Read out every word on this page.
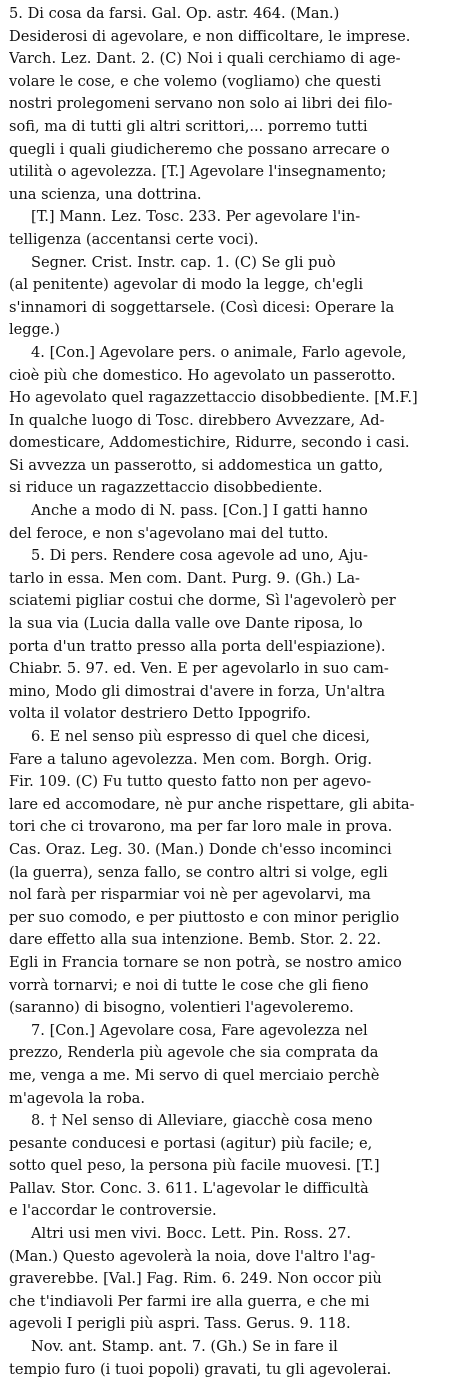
5. Di cosa da farsi. Gal. Op. astr. 464. (Man.)
Desiderosi di agevolare, e non difficoltare, le imprese.
Varch. Lez. Dant. 2. (C) Noi i quali cerchiamo di age-
volare le cose, e che volemo (vogliamo) che questi
nostri prolegomeni servano non solo ai libri dei filo-
sofi, ma di tutti gli altri scrittori,... porremo tutti
quegli i quali giudicheremo che possano arrecare o
utilità o agevolezza. [T.] Agevolare l'insegnamento;
una scienza, una dottrina.
[T.] Mann. Lez. Tosc. 233. Per agevolare l'in-
telligenza (accentansi certe voci).
Segner. Crist. Instr. cap. 1. (C) Se gli può
(al penitente) agevolar di modo la legge, ch'egli
s'innamori di soggettarsele. (Così dicesi: Operare la
legge.)
4. [Con.] Agevolare pers. o animale, Farlo agevole,
cioè più che domestico. Ho agevolato un passerotto.
Ho agevolato quel ragazzettaccio disobbediente. [M.F.]
In qualche luogo di Tosc. direbbero Avvezzare, Ad-
domesticare, Addomestichire, Ridurre, secondo i casi.
Si avvezza un passerotto, si addomestica un gatto,
si riduce un ragazzettaccio disobbediente.
Anche a modo di N. pass. [Con.] I gatti hanno
del feroce, e non s'agevolano mai del tutto.
5. Di pers. Rendere cosa agevole ad uno, Aju-
tarlo in essa. Men com. Dant. Purg. 9. (Gh.) La-
sciatemi pigliar costui che dorme, Sì l'agevolerò per
la sua via (Lucia dalla valle ove Dante riposa, lo
porta d'un tratto presso alla porta dell'espiazione).
Chiabr. 5. 97. ed. Ven. E per agevolarlo in suo cam-
mino, Modo gli dimostrai d'avere in forza, Un'altra
volta il volator destriero Detto Ippogrifo.
6. E nel senso più espresso di quel che dicesi,
Fare a taluno agevolezza. Men com. Borgh. Orig.
Fir. 109. (C) Fu tutto questo fatto non per agevo-
lare ed accomodare, nè pur anche rispettare, gli abita-
tori che ci trovarono, ma per far loro male in prova.
Cas. Oraz. Leg. 30. (Man.) Donde ch'esso incominci
(la guerra), senza fallo, se contro altri si volge, egli
nol farà per risparmiar voi nè per agevolarvi, ma
per suo comodo, e per piuttosto e con minor periglio
dare effetto alla sua intenzione. Bemb. Stor. 2. 22.
Egli in Francia tornare se non potrà, se nostro amico
vorrà tornarvi; e noi di tutte le cose che gli fieno
(saranno) di bisogno, volentieri l'agevoleremo.
7. [Con.] Agevolare cosa, Fare agevolezza nel
prezzo, Renderla più agevole che sia comprata da
me, venga a me. Mi servo di quel merciaio perchè
m'agevola la roba.
8. † Nel senso di Alleviare, giacchè cosa meno
pesante conducesi e portasi (agitur) più facile; e,
sotto quel peso, la persona più facile muovesi. [T.]
Pallav. Stor. Conc. 3. 611. L'agevolar le difficultà
e l'accordar le controversie.
Altri usi men vivi. Bocc. Lett. Pin. Ross. 27.
(Man.) Questo agevolerà la noia, dove l'altro l'ag-
graverebbe. [Val.] Fag. Rim. 6. 249. Non occor più
che t'indiavoli Per farmi ire alla guerra, e che mi
agevoli I perigli più aspri. Tass. Gerus. 9. 118.
Nov. ant. Stamp. ant. 7. (Gh.) Se in fare il
tempio furo (i tuoi popoli) gravati, tu gli agevolerai.
